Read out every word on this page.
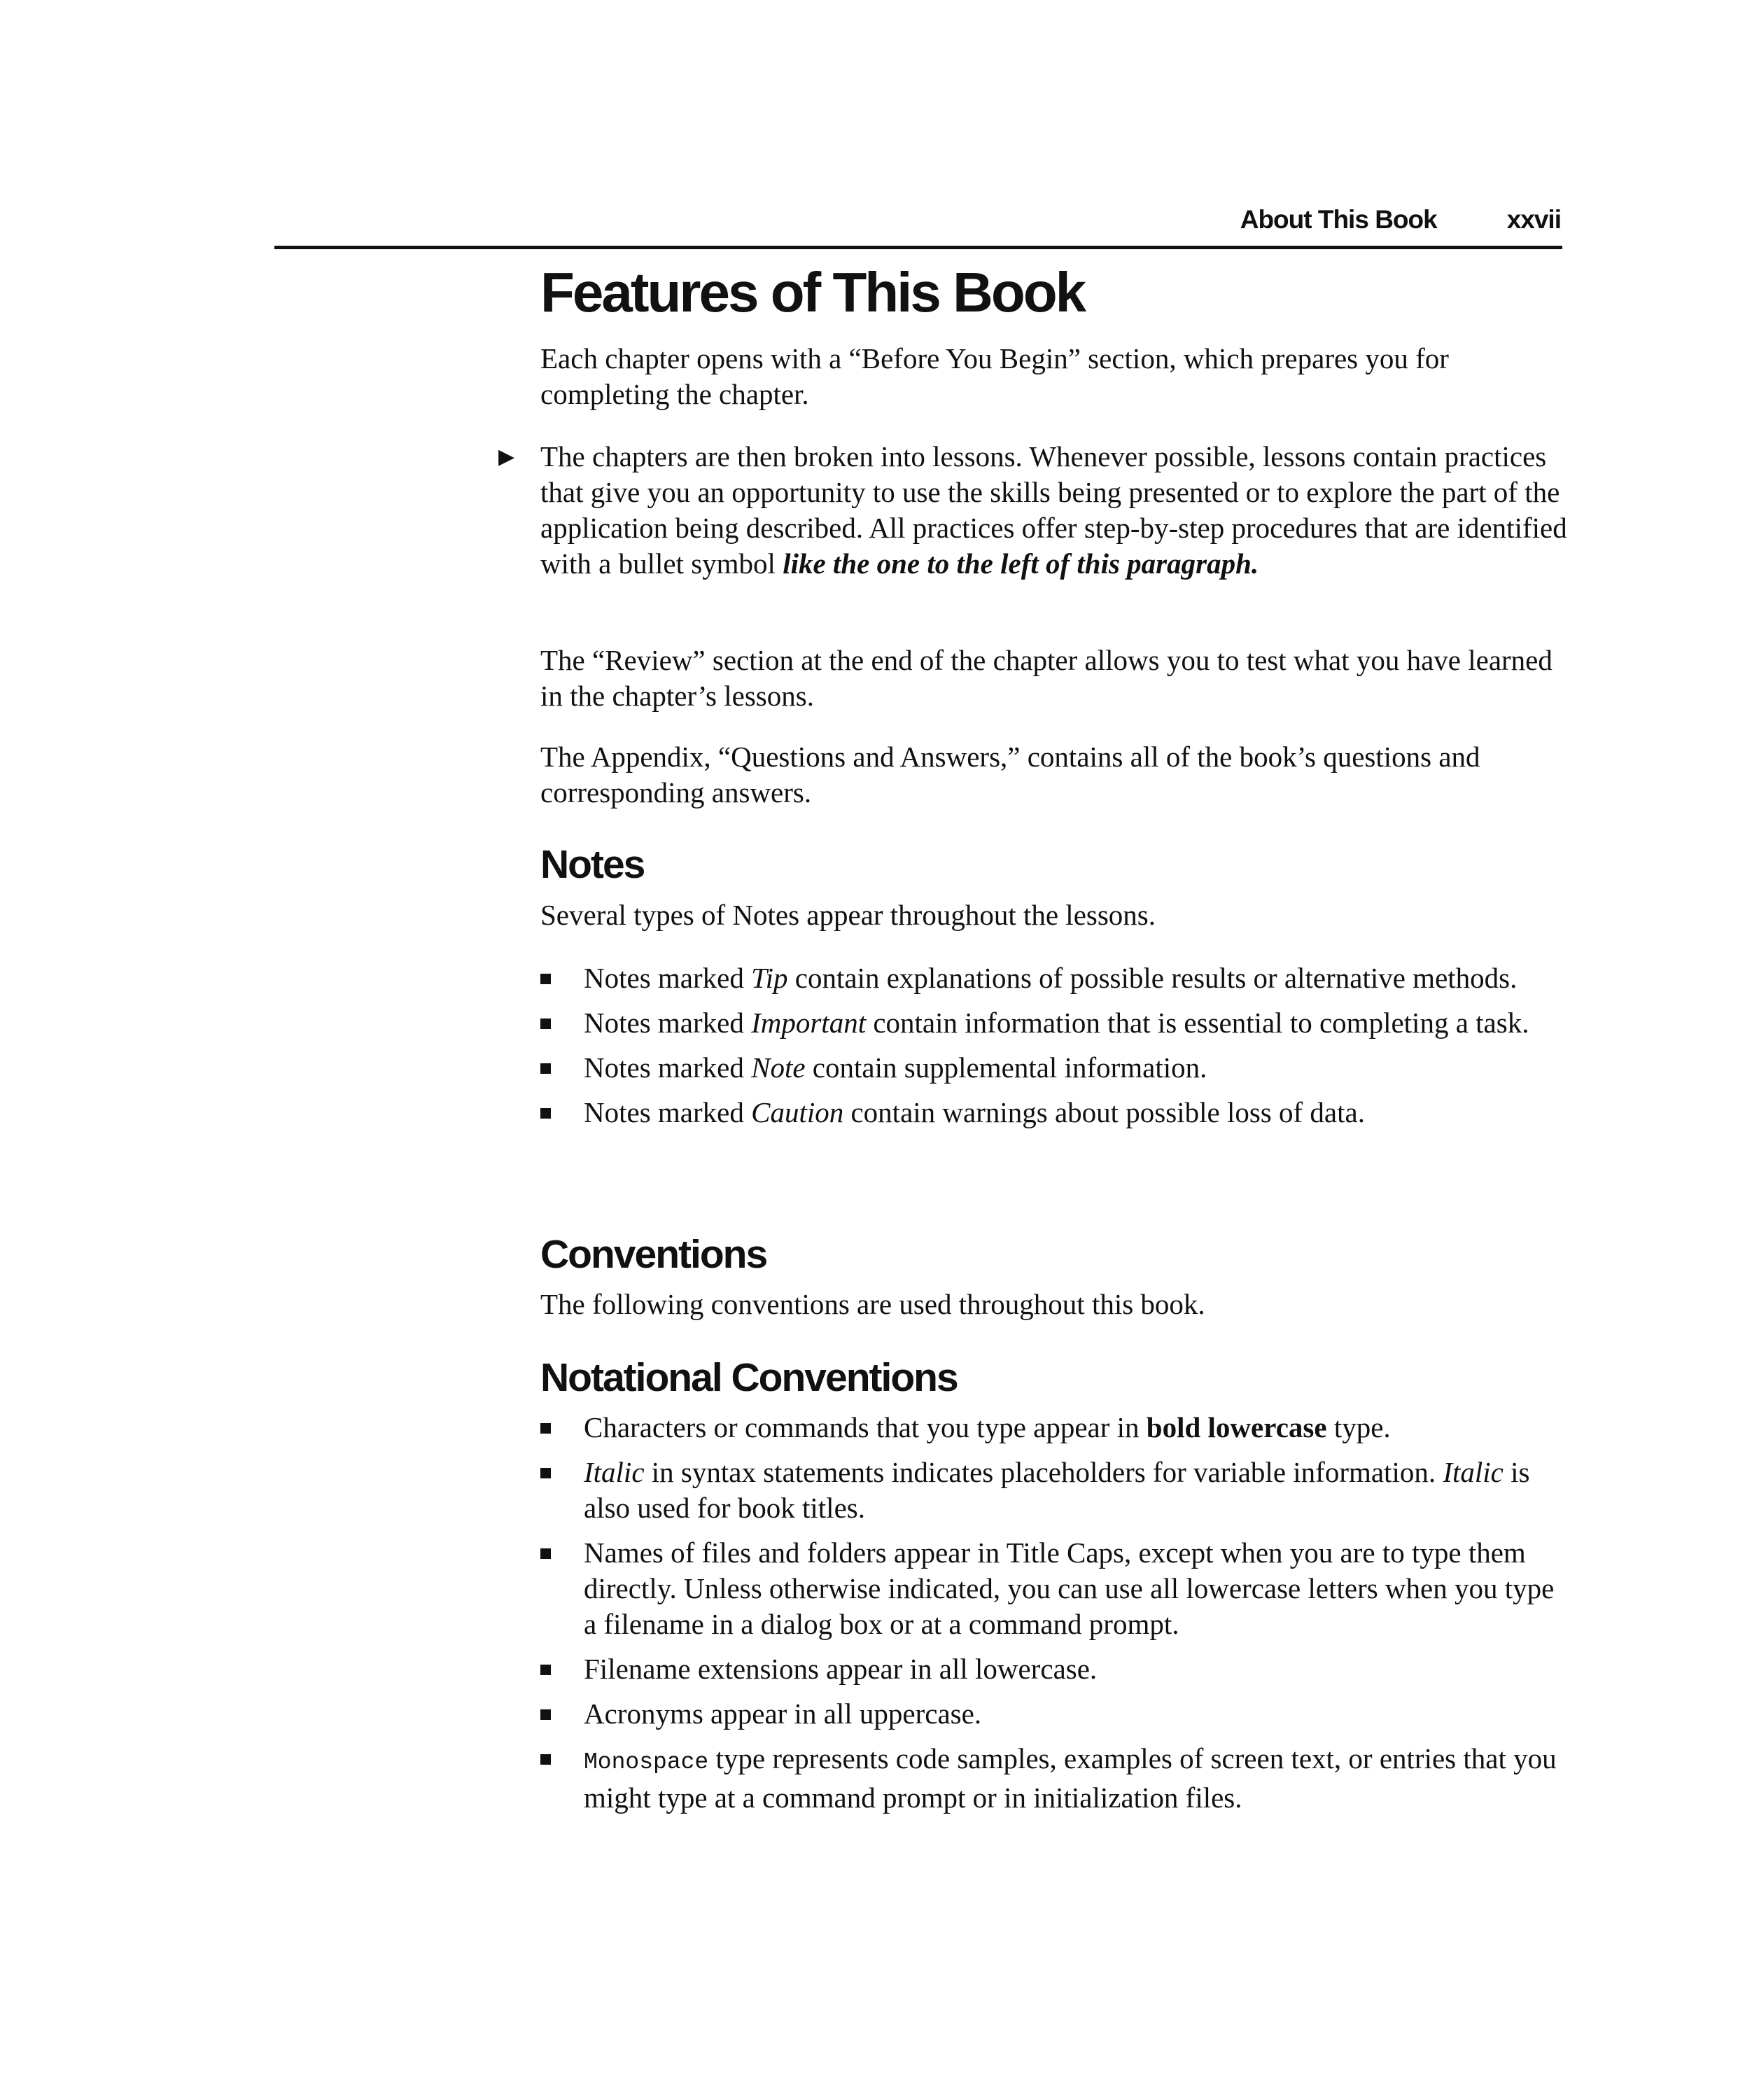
About This Book	xxvii
Features of This Book

Each chapter opens with a “Before You Begin” section, which prepares you for completing the chapter.

▶ The chapters are then broken into lessons. Whenever possible, lessons contain practices that give you an opportunity to use the skills being presented or to explore the part of the application being described. All practices offer step-by-step procedures that are identified with a bullet symbol like the one to the left of this paragraph.

The “Review” section at the end of the chapter allows you to test what you have learned in the chapter’s lessons.

The Appendix, “Questions and Answers,” contains all of the book’s questions and corresponding answers.

Notes

Several types of Notes appear throughout the lessons.

Notes marked Tip contain explanations of possible results or alternative methods.
Notes marked Important contain information that is essential to completing a task.
Notes marked Note contain supplemental information.
Notes marked Caution contain warnings about possible loss of data.
Conventions

The following conventions are used throughout this book.

Notational Conventions
Characters or commands that you type appear in bold lowercase type.
Italic in syntax statements indicates placeholders for variable information. Italic is also used for book titles.
Names of files and folders appear in Title Caps, except when you are to type them directly. Unless otherwise indicated, you can use all lowercase letters when you type a filename in a dialog box or at a command prompt.
Filename extensions appear in all lowercase.
Acronyms appear in all uppercase.
Monospace type represents code samples, examples of screen text, or entries that you might type at a command prompt or in initialization files.
